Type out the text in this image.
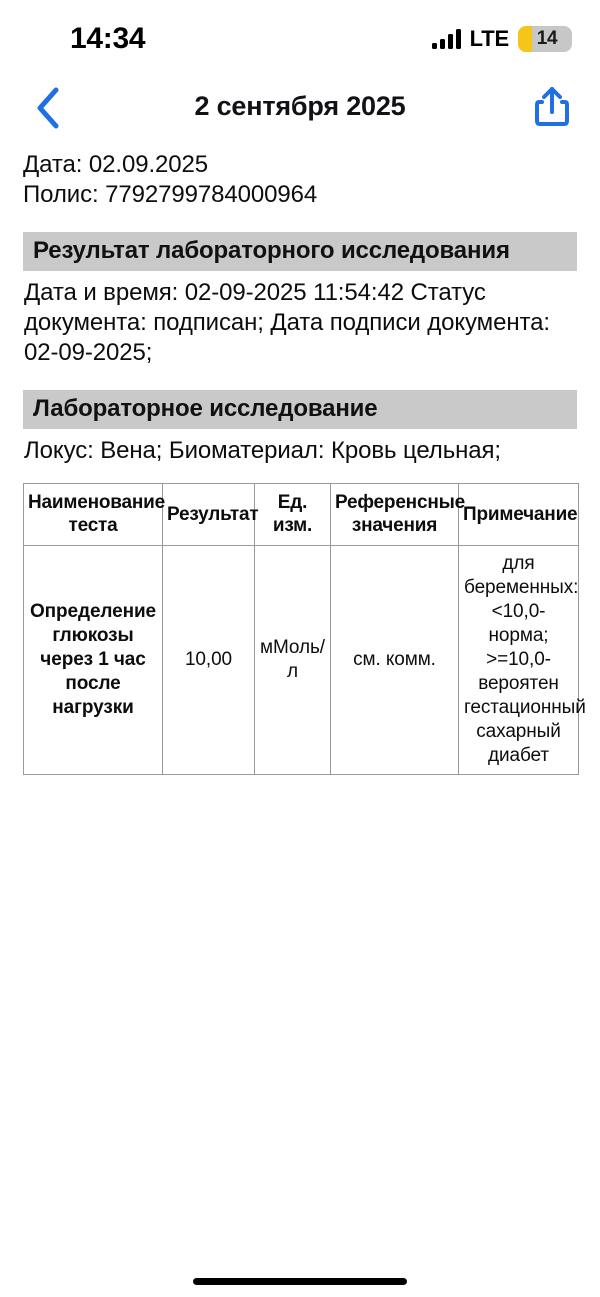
14:34	LTE	14
2 сентября 2025
Дата: 02.09.2025
Полис: 7792799784000964
Результат лабораторного исследования
Дата и время: 02-09-2025 11:54:42 Статус документа: подписан; Дата подписи документа: 02-09-2025;
Лабораторное исследование
Локус: Вена; Биоматериал: Кровь цельная;
Наименование теста	Результат	Ед. изм.	Референсные значения	Примечание
Определение глюкозы через 1 час после нагрузки	10,00	мМоль/л	см. комм.	для беременных: <10,0-норма; >=10,0-вероятен гестационный сахарный диабет
